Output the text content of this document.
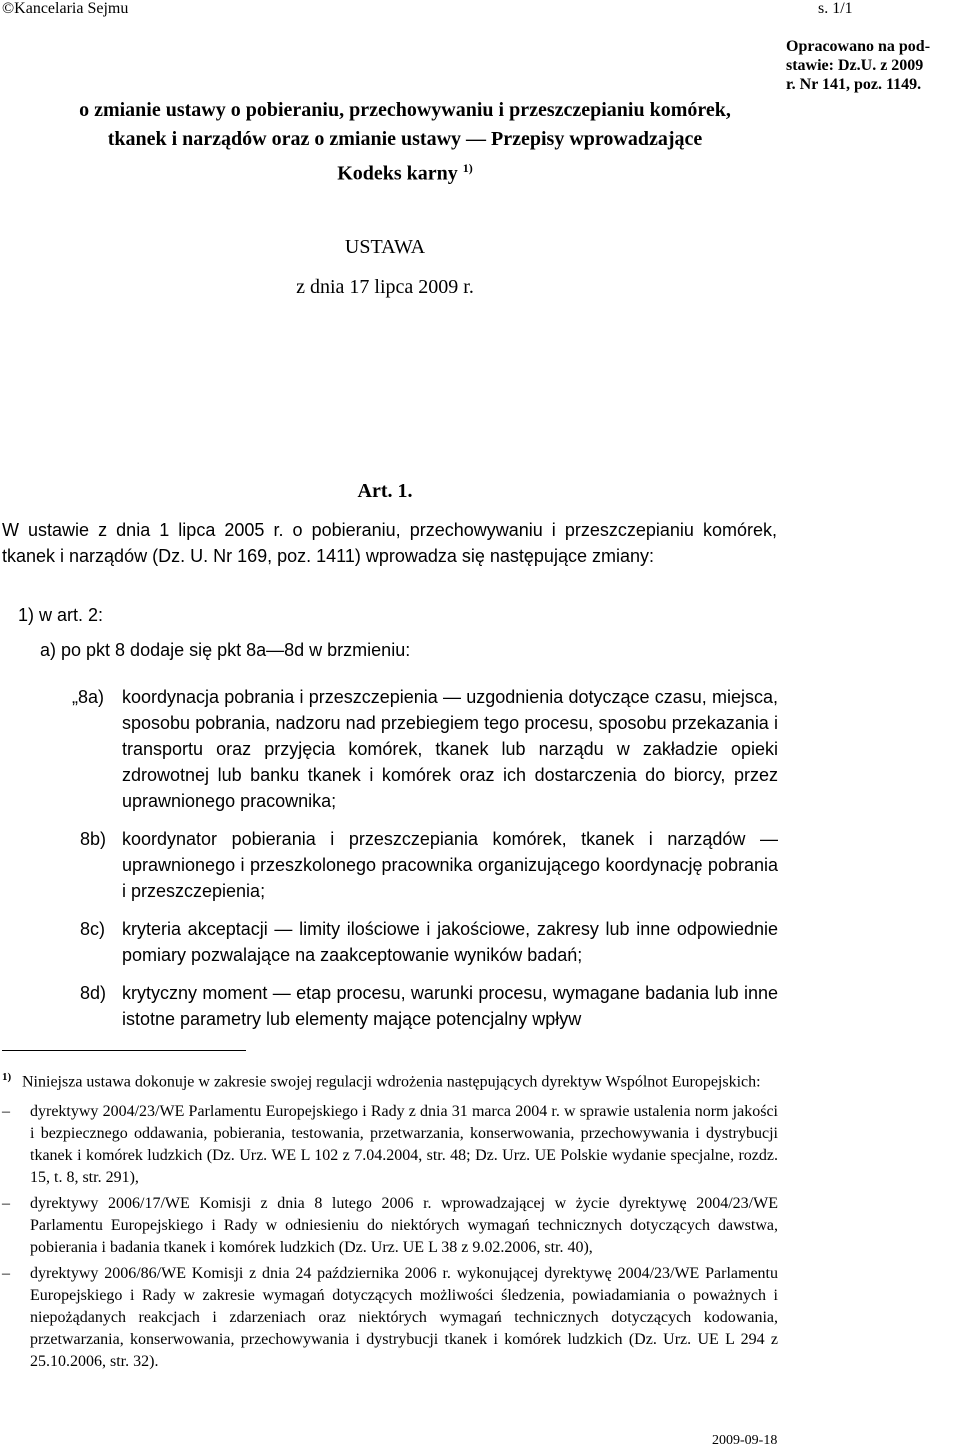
©Kancelaria Sejmu	s. 1/1
USTAWA
z dnia 17 lipca 2009 r.
Opracowano na pod-
stawie: Dz.U. z 2009
r. Nr 141, poz. 1149.
o zmianie ustawy o pobieraniu, przechowywaniu i przeszczepianiu komórek,
tkanek i narządów oraz o zmianie ustawy — Przepisy wprowadzające
Kodeks karny $^{1)}$
Art. 1.
W ustawie z dnia 1 lipca 2005 r. o pobieraniu, przechowywaniu i przeszczepianiu komórek, tkanek i narządów (Dz. U. Nr 169, poz. 1411) wprowadza się następujące zmiany:
1) w art. 2:
a) po pkt 8 dodaje się pkt 8a—8d w brzmieniu:

„8a) koordynacja pobrania i przeszczepienia — uzgodnienia dotyczące czasu, miejsca, sposobu pobrania, nadzoru nad przebiegiem tego procesu, sposobu przekazania i transportu oraz przyjęcia komórek, tkanek lub narządu w zakładzie opieki zdrowotnej lub banku tkanek i komórek oraz ich dostarczenia do biorcy, przez uprawnionego pracownika;

8b) koordynator pobierania i przeszczepiania komórek, tkanek i narządów — uprawnionego i przeszkolonego pracownika organizującego koordynację pobrania i przeszczepienia;

8c) kryteria akceptacji — limity ilościowe i jakościowe, zakresy lub inne odpowiednie pomiary pozwalające na zaakceptowanie wyników badań;

8d) krytyczny moment — etap procesu, warunki procesu, wymagane badania lub inne istotne parametry lub elementy mające potencjalny wpływ

$^{1)}$ Niniejsza ustawa dokonuje w zakresie swojej regulacji wdrożenia następujących dyrektyw Wspólnot Europejskich:

– dyrektywy 2004/23/WE Parlamentu Europejskiego i Rady z dnia 31 marca 2004 r. w sprawie ustalenia norm jakości i bezpiecznego oddawania, pobierania, testowania, przetwarzania, konserwowania, przechowywania i dystrybucji tkanek i komórek ludzkich (Dz. Urz. WE L 102 z 7.04.2004, str. 48; Dz. Urz. UE Polskie wydanie specjalne, rozdz. 15, t. 8, str. 291),

– dyrektywy 2006/17/WE Komisji z dnia 8 lutego 2006 r. wprowadzającej w życie dyrektywę 2004/23/WE Parlamentu Europejskiego i Rady w odniesieniu do niektórych wymagań technicznych dotyczących dawstwa, pobierania i badania tkanek i komórek ludzkich (Dz. Urz. UE L 38 z 9.02.2006, str. 40),

– dyrektywy 2006/86/WE Komisji z dnia 24 października 2006 r. wykonującej dyrektywę 2004/23/WE Parlamentu Europejskiego i Rady w zakresie wymagań dotyczących możliwości śledzenia, powiadamiania o poważnych i niepożądanych reakcjach i zdarzeniach oraz niektórych wymagań technicznych dotyczących kodowania, przetwarzania, konserwowania, przechowywania i dystrybucji tkanek i komórek ludzkich (Dz. Urz. UE L 294 z 25.10.2006, str. 32).

2009-09-18
